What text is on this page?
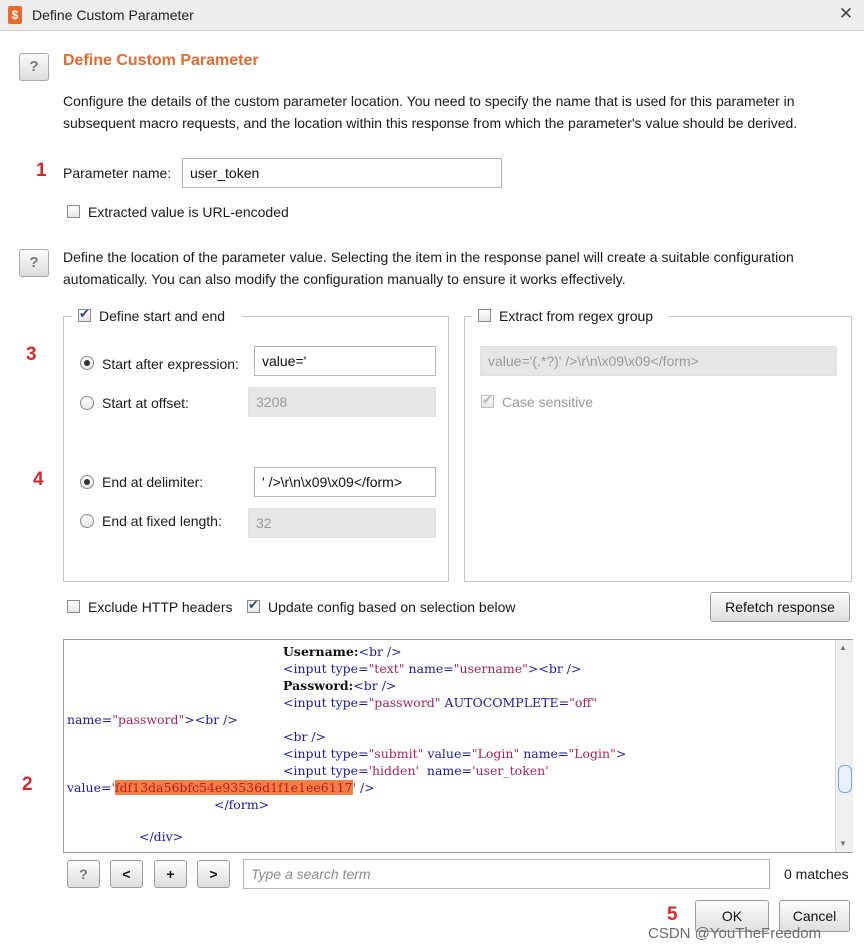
$ Define Custom Parameter	✕
?	Define Custom Parameter
Configure the details of the custom parameter location. You need to specify the name that is used for this parameter in subsequent macro requests, and the location within this response from which the parameter's value should be derived.
1 Parameter name:	user_token
Extracted value is URL-encoded
?	Define the location of the parameter value. Selecting the item in the response panel will create a suitable configuration automatically. You can also modify the configuration manually to ensure it works effectively.
✔
Define start and end
3	Start after expression:	value='
Start at offset:	3208
4	End at delimiter:	' />\r\n\x09\x09</form>
End at fixed length:	32
Extract from regex group
value='(.*?)' />\r\n\x09\x09</form>
✔
Case sensitive
Exclude HTTP headers ✔	Update config based on selection below	Refetch response
2
Username:<br />
<input type="text" name="username"><br />
Password:<br />
<input type="password" AUTOCOMPLETE="off"
name="password"><br />
<br />
<input type="submit" value="Login" name="Login">
<input type='hidden' name='user_token'
value='fdf13da56bfc54e93536d1f1e1ee6117' />
</form>
</div>
▲
▼
?	<	+	>	Type a search term	0 matches
5	OK	Cancel
CSDN @YouTheFreedom
